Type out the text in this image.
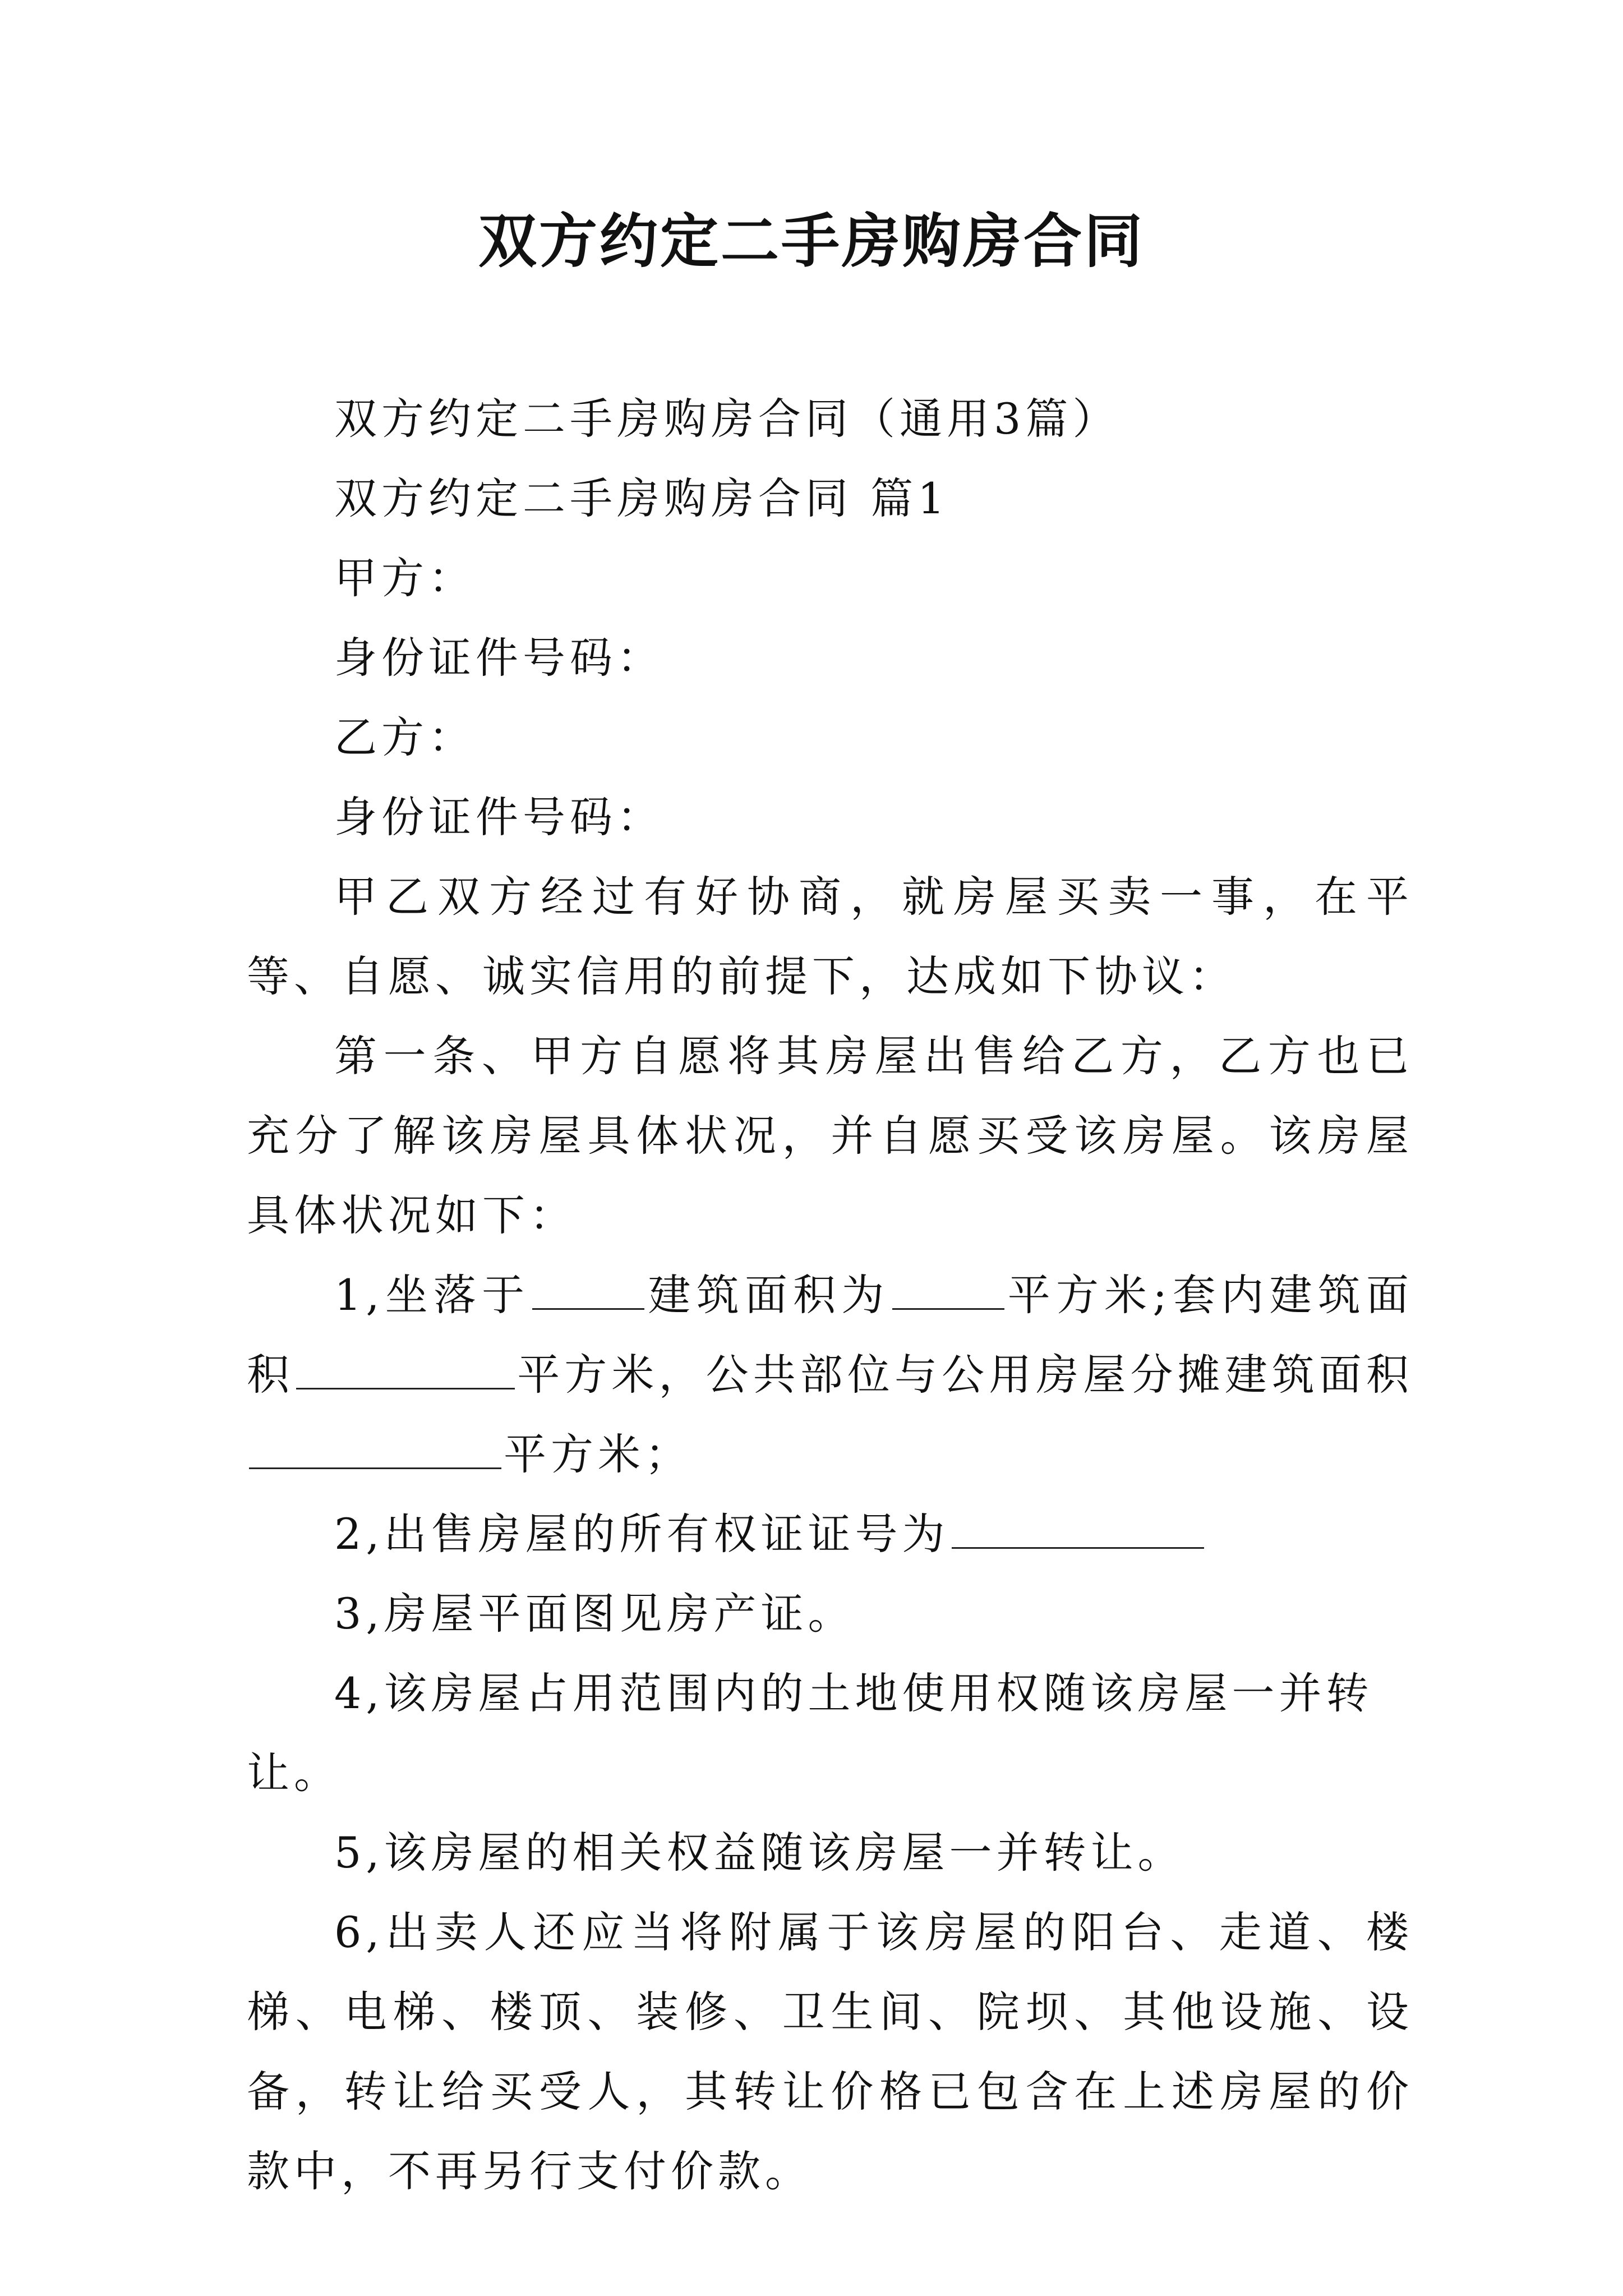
双方约定二手房购房合同

双方约定二手房购房合同（通用3篇）

双方约定二手房购房合同 篇1

甲方：

身份证件号码：

乙方：

身份证件号码：

甲乙双方经过有好协商，就房屋买卖一事，在平等、自愿、诚实信用的前提下，达成如下协议：

第一条、甲方自愿将其房屋出售给乙方，乙方也已充分了解该房屋具体状况，并自愿买受该房屋。该房屋具体状况如下：

1,坐落于	建筑面积为	平方米;套内建筑面积	平方米，公共部位与公用房屋分摊建筑面积平方米；

2,出售房屋的所有权证证号为

3,房屋平面图见房产证。

4,该房屋占用范围内的土地使用权随该房屋一并转让。

5,该房屋的相关权益随该房屋一并转让。

6,出卖人还应当将附属于该房屋的阳台、走道、楼梯、电梯、楼顶、装修、卫生间、院坝、其他设施、设备，转让给买受人，其转让价格已包含在上述房屋的价款中，不再另行支付价款。
